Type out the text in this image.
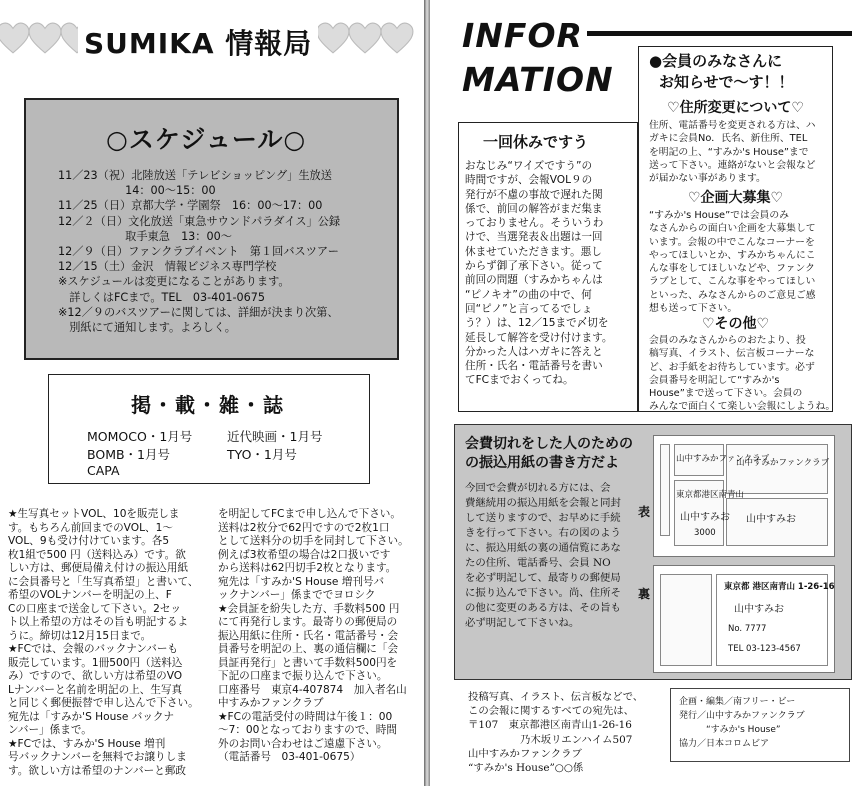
SUMIKA 情報局
○スケジュール○
11／23（祝）北陸放送「テレビショッピング」生放送
　　　　　　14：00～15：00
11／25（日）京都大学・学園祭　16：00～17：00
12／２（日）文化放送「東急サウンドパラダイス」公録
　　　　　　取手東急　13：00～
12／９（日）ファンクラブイベント　第１回バスツアー
12／15（土）金沢　情報ビジネス専門学校
※スケジュールは変更になることがあります。
　詳しくはFCまで。TEL　03-401-0675
※12／９のバスツアーに関しては、詳細が決まり次第、
　別紙にて通知します。よろしく。
掲・載・雑・誌
MOMOCO・1月号	近代映画・1月号
BOMB・1月号	TYO・1月号
CAPA

★生写真セットVOL、10を販売しま

す。もちろん前回までのVOL、1～

VOL、9も受け付けています。各5

枚1組で500 円（送料込み）です。欲

しい方は、郵便局備え付けの振込用紙

に会員番号と「生写真希望」と書いて、

希望のVOLナンバーを明記の上、F

Cの口座まで送金して下さい。2セッ

ト以上希望の方はその旨も明記するよ

うに。締切は12月15日まで。

★FCでは、会報のバックナンバーも

販売しています。1冊500円（送料込

み）ですので、欲しい方は希望のVO

Lナンバーと名前を明記の上、生写真

と同じく郵便振替で申し込んで下さい。

宛先は「すみか'S House バックナ

ンバー」係まで。

★FCでは、すみか'S House 増刊

号バックナンバーを無料でお譲りしま

す。欲しい方は希望のナンバーと郵政

を明記してFCまで申し込んで下さい。

送料は2枚分で62円ですので2枚1口

として送料分の切手を同封して下さい。

例えば3枚希望の場合は2口扱いです

から送料は62円切手2枚となります。

宛先は「すみか'S House 増刊号バ

ックナンバー」係まででヨロシク

★会員証を紛失した方、手数料500 円

にて再発行します。最寄りの郵便局の

振込用紙に住所・氏名・電話番号・会

員番号を明記の上、裏の通信欄に「会

員証再発行」と書いて手数料500円を

下記の口座まで振り込んで下さい。

口座番号　東京4-407874　加入者名山

中すみかファンクラブ

★FCの電話受付の時間は午後１：00

～7：00となっておりますので、時間

外のお問い合わせはご遠慮下さい。

（電話番号　03-401-0675）

INFOR
MATION
一回休みですう
おなじみ“ワイズですう”の
時間ですが、会報VOL９の
発行が不慮の事故で遅れた関
係で、前回の解答がまだ集ま
っておりません。そういうわ
けで、当選発表＆出題は一回
休ませていただきます。悪し
からず御了承下さい。従って
前回の問題（すみかちゃんは
“ピノキオ”の曲の中で、何
回“ピノ”と言ってるでしょ
う？）は、12／15まで〆切を
延長して解答を受け付けます。
分かった人はハガキに答えと
住所・氏名・電話番号を書い
てFCまでおくってね。
●会員のみなさんに
お知らせで～す！！
♡住所変更について♡
住所、電話番号を変更される方は、ハ
ガキに会員No．氏名、新住所、TEL
を明記の上、“すみか's House”まで
送って下さい。連絡がないと会報など
が届かない事があります。
♡企画大募集♡
“すみか's House”では会員のみ
なさんからの面白い企画を大募集して
います。会報の中でこんなコーナーを
やってほしいとか、すみかちゃんにこ
んな事をしてほしいなどや、ファンク
ラブとして、こんな事をやってほしい
といった、みなさんからのご意見ご感
想も送って下さい。
♡その他♡
会員のみなさんからのおたより、投
稿写真、イラスト、伝言板コーナーな
ど、お手紙をお待ちしています。必ず
会員番号を明記して“すみか's
House”まで送って下さい。会員の
みんなで面白くて楽しい会報にしようね。
会費切れをした人のための
の振込用紙の書き方だよ
今回で会費が切れる方には、会
費継続用の振込用紙を会報と同封
して送りますので、お早めに手続
きを行って下さい。右の図のよう
に、振込用紙の裏の通信覧にあな
たの住所、電話番号、会員 NO
を必ず明記して、最寄りの郵便局
に振り込んで下さい。尚、住所そ
の他に変更のある方は、その旨も
必ず明記して下さいね。
表
裏
山中すみかファンクラブ
東京都港区南青山
山中すみお
3000
山中すみかファンクラブ
山中すみお
東京都 港区南青山 1-26-16
山中すみお
No. 7777
TEL 03-123-4567
投稿写真、イラスト、伝言板などで、
この会報に関するすべての宛先は、
〒107　東京都港区南青山1-26-16
　　　　　乃木坂リエンハイム507
山中すみかファンクラブ
“すみか's House”○○係
企画・編集／南フリー・ビー
発行／山中すみかファンクラブ
　　　“すみか's House”
協力／日本コロムビア
